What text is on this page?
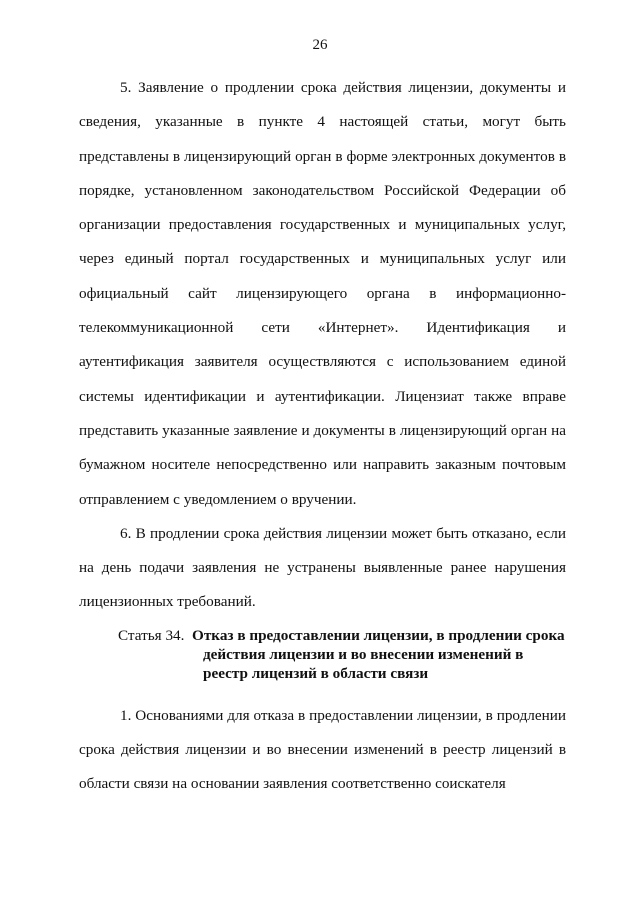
26

5. Заявление о продлении срока действия лицензии, документы и сведения, указанные в пункте 4 настоящей статьи, могут быть представлены в лицензирующий орган в форме электронных документов в порядке, установленном законодательством Российской Федерации об организации предоставления государственных и муниципальных услуг, через единый портал государственных и муниципальных услуг или официальный сайт лицензирующего органа в информационно-телекоммуникационной сети «Интернет». Идентификация и аутентификация заявителя осуществляются с использованием единой системы идентификации и аутентификации. Лицензиат также вправе представить указанные заявление и документы в лицензирующий орган на бумажном носителе непосредственно или направить заказным почтовым отправлением с уведомлением о вручении.

6. В продлении срока действия лицензии может быть отказано, если на день подачи заявления не устранены выявленные ранее нарушения лицензионных требований.

Статья 34. Отказ в предоставлении лицензии, в продлении срока действия лицензии и во внесении изменений в реестр лицензий в области связи

1. Основаниями для отказа в предоставлении лицензии, в продлении срока действия лицензии и во внесении изменений в реестр лицензий в области связи на основании заявления соответственно соискателя
